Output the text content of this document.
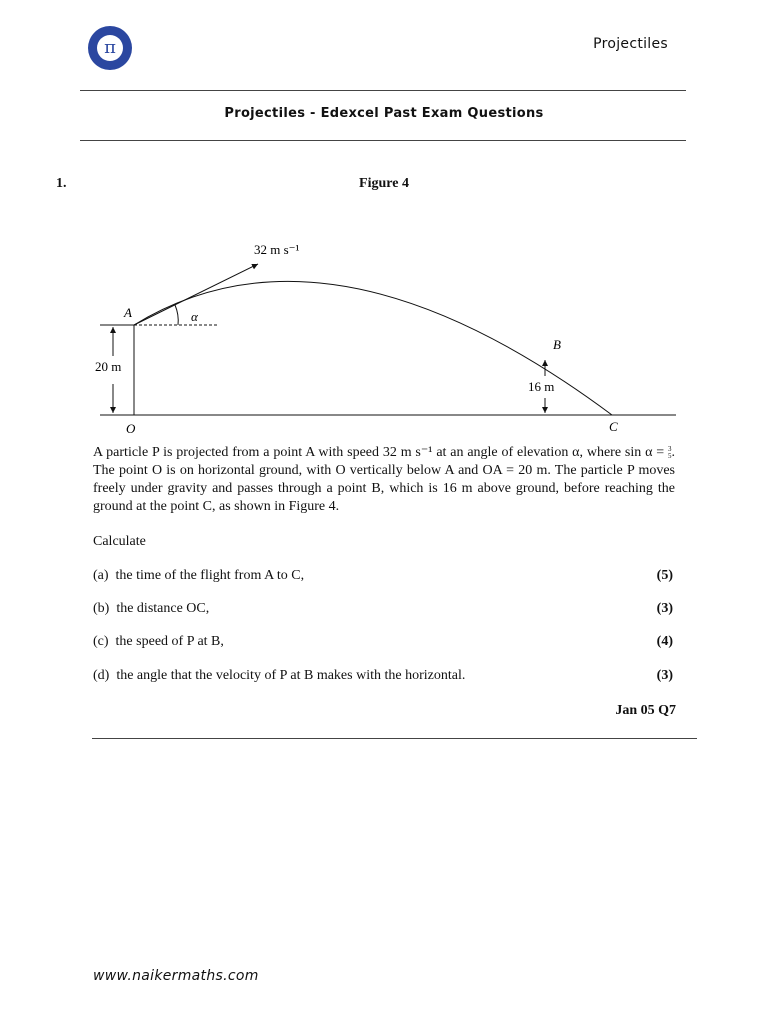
π	Projectiles
Projectiles - Edexcel Past Exam Questions
1.	Figure 4
32 m s⁻¹
A	α
B
20 m
16 m
O	C
A particle P is projected from a point A with speed 32 m s⁻¹ at an angle of elevation α, where sin α = 3
5 . The point O is on horizontal ground, with O vertically below A and OA = 20 m. The particle P moves freely under gravity and passes through a point B, which is 16 m above ground, before reaching the ground at the point C, as shown in Figure 4.
Calculate
(a) the time of the flight from A to C,	(5)
(b) the distance OC,	(3)
(c) the speed of P at B,	(4)
(d) the angle that the velocity of P at B makes with the horizontal.	(3)
Jan 05 Q7
www.naikermaths.com
